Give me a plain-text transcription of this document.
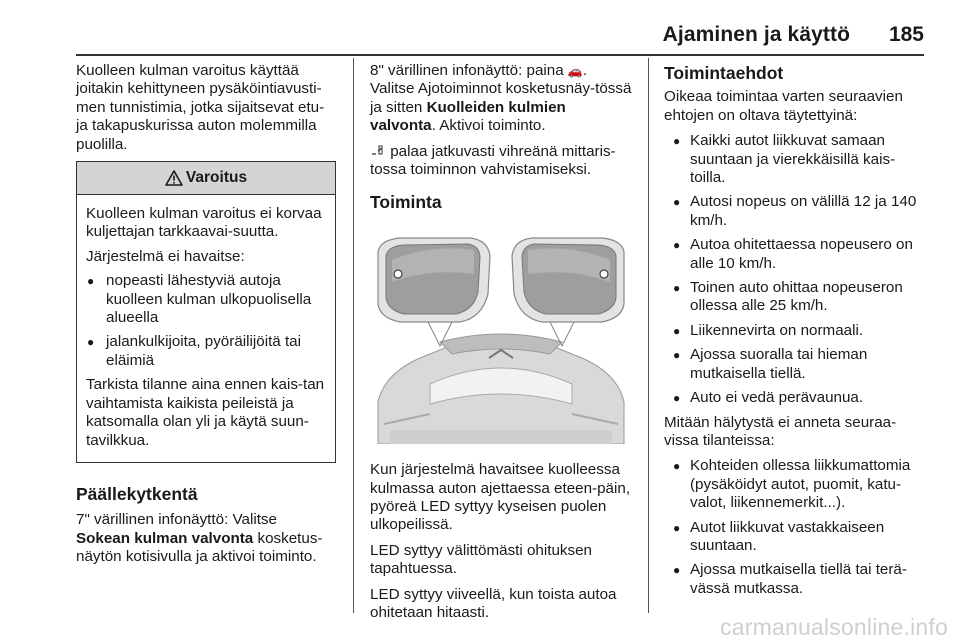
Ajaminen ja käyttö 185

Kuolleen kulman varoitus käyttää joitakin kehittyneen pysäköintiavusti-men tunnistimia, jotka sijaitsevat etu- ja takapuskurissa auton molemmilla puolilla.

Varoitus

Kuolleen kulman varoitus ei korvaa kuljettajan tarkkaavai-suutta.

Järjestelmä ei havaitse:

● nopeasti lähestyviä autoja kuolleen kulman ulkopuolisella alueella
● jalankulkijoita, pyöräilijöitä tai eläimiä

Tarkista tilanne aina ennen kais-tan vaihtamista kaikista peileistä ja katsomalla olan yli ja käytä suun-tavilkkua.

Päällekytkentä

7" värillinen infonäyttö: Valitse
Sokean kulman valvonta kosketus-näytön kotisivulla ja aktivoi toiminto.

8" värillinen infonäyttö: paina 🚗. Valitse Ajotoiminnot kosketusnäy-tössä ja sitten Kuolleiden kulmien valvonta. Aktivoi toiminto.

palaa jatkuvasti vihreänä mittaris-tossa toiminnon vahvistamiseksi.

Toiminta

Kun järjestelmä havaitsee kuolleessa kulmassa auton ajettaessa eteen-päin, pyöreä LED syttyy kyseisen puolen ulkopeilissä.

LED syttyy välittömästi ohituksen tapahtuessa.

LED syttyy viiveellä, kun toista autoa ohitetaan hitaasti.

Toimintaehdot

Oikeaa toimintaa varten seuraavien ehtojen on oltava täytettyinä:

● Kaikki autot liikkuvat samaan suuntaan ja vierekkäisillä kais-toilla.
● Autosi nopeus on välillä 12 ja 140 km/h.
● Autoa ohitettaessa nopeusero on alle 10 km/h.
● Toinen auto ohittaa nopeuseron ollessa alle 25 km/h.
● Liikennevirta on normaali.
● Ajossa suoralla tai hieman mutkaisella tiellä.
● Auto ei vedä perävaunua.

Mitään hälytystä ei anneta seuraa-vissa tilanteissa:

● Kohteiden ollessa liikkumattomia (pysäköidyt autot, puomit, katu-valot, liikennemerkit...).
● Autot liikkuvat vastakkaiseen suuntaan.
● Ajossa mutkaisella tiellä tai terä-vässä mutkassa.
carmanualsonline.info
